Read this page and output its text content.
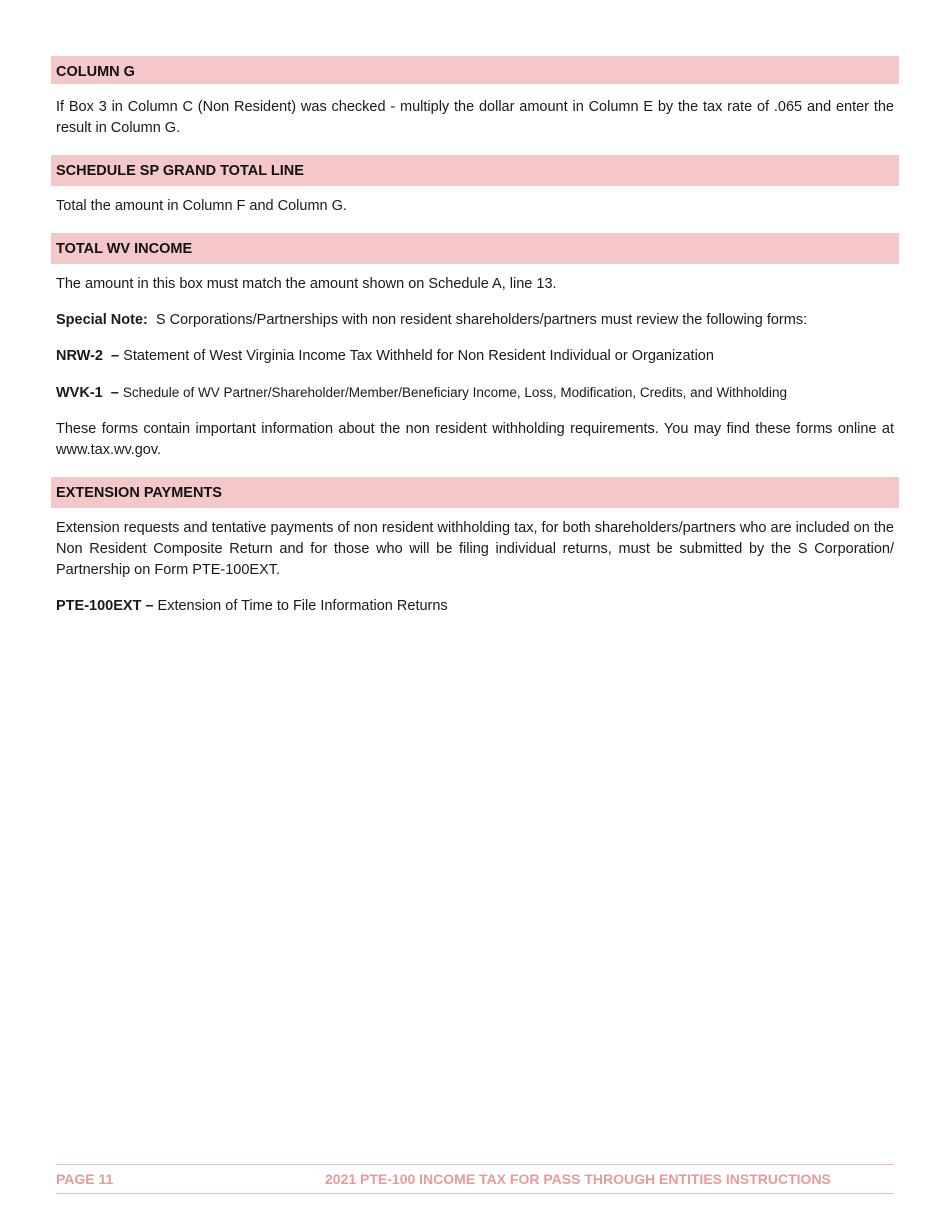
COLUMN G

If Box 3 in Column C (Non Resident) was checked - multiply the dollar amount in Column E by the tax rate of .065 and enter the result in Column G.

SCHEDULE SP GRAND TOTAL LINE

Total the amount in Column F and Column G.

TOTAL WV INCOME

The amount in this box must match the amount shown on Schedule A, line 13.

Special Note: S Corporations/Partnerships with non resident shareholders/partners must review the following forms:

NRW-2 – Statement of West Virginia Income Tax Withheld for Non Resident Individual or Organization

WVK-1 – Schedule of WV Partner/Shareholder/Member/Beneficiary Income, Loss, Modification, Credits, and Withholding

These forms contain important information about the non resident withholding requirements. You may find these forms online at www.tax.wv.gov.

EXTENSION PAYMENTS

Extension requests and tentative payments of non resident withholding tax, for both shareholders/partners who are included on the Non Resident Composite Return and for those who will be filing individual returns, must be submitted by the S Corporation/ Partnership on Form PTE-100EXT.

PTE-100EXT – Extension of Time to File Information Returns

PAGE 11	2021 PTE-100 INCOME TAX FOR PASS THROUGH ENTITIES INSTRUCTIONS
